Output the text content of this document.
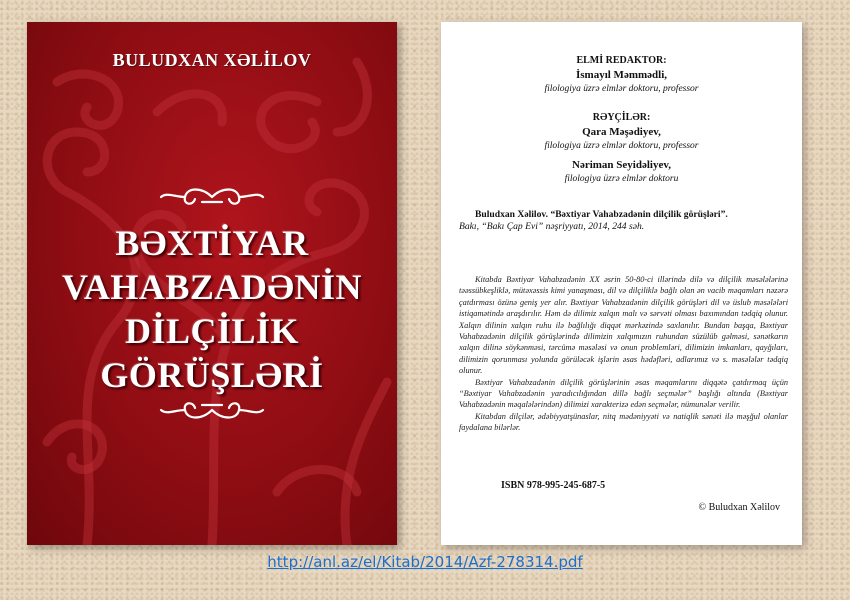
BULUDXAN XƏLİLOV
BƏXTİYAR
VAHABZADƏNİN
DİLÇİLİK
GÖRÜŞLƏRİ
ELMİ REDAKTOR:
İsmayıl Məmmədli,
filologiya üzrə elmlər doktoru, professor
RƏYÇİLƏR:
Qara Məşədiyev,
filologiya üzrə elmlər doktoru, professor
Nəriman Seyidəliyev,
filologiya üzrə elmlər doktoru
Buludxan Xəlilov. “Bəxtiyar Vahabzadənin dilçilik görüşləri”.
Bakı, “Bakı Çap Evi” nəşriyyatı, 2014, 244 səh.

Kitabda Bəxtiyar Vahabzadənin XX əsrin 50-80-ci illərində dilə və dilçilik məsələlərinə təəssübkeşliklə, mütəxəssis kimi yanaşması, dil və dilçiliklə bağlı olan ən vacib məqamları nəzərə çatdırması özünə geniş yer alır. Bəxtiyar Vahabzadənin dilçilik görüşləri dil və üslub məsələləri istiqamətində araşdırılır. Həm də dilimiz xalqın malı və sərvəti olması baxımından tədqiq olunur. Xalqın dilinin xalqın ruhu ilə bağlılığı diqqət mərkəzində saxlanılır. Bundan başqa, Bəxtiyar Vahabzadənin dilçilik görüşlərində dilimizin xalqımızın ruhundan süzülüb gəlməsi, sənətkarın xalqın dilinə söykənməsi, tərcümə məsələsi və onun problemləri, dilimizin imkanları, qayğıları, dilimizin qorunması yolunda görüləcək işlərin əsas hədəfləri, adlarımız və s. məsələlər tədqiq olunur.

Bəxtiyar Vahabzadənin dilçilik görüşlərinin əsas məqamlarını diqqətə çatdırmaq üçün “Bəxtiyar Vahabzadənin yaradıcılığından dillə bağlı seçmələr” başlığı altında (Bəxtiyar Vahabzadənin məqalələrindən) dilimizi xarakterizə edən seçmələr, nümunələr verilir.

Kitabdan dilçilər, ədəbiyyatşünaslar, nitq mədəniyyəti və natiqlik sənəti ilə məşğul olanlar faydalana bilərlər.

ISBN 978-995-245-687-5
© Buludxan Xəlilov
http://anl.az/el/Kitab/2014/Azf-278314.pdf
